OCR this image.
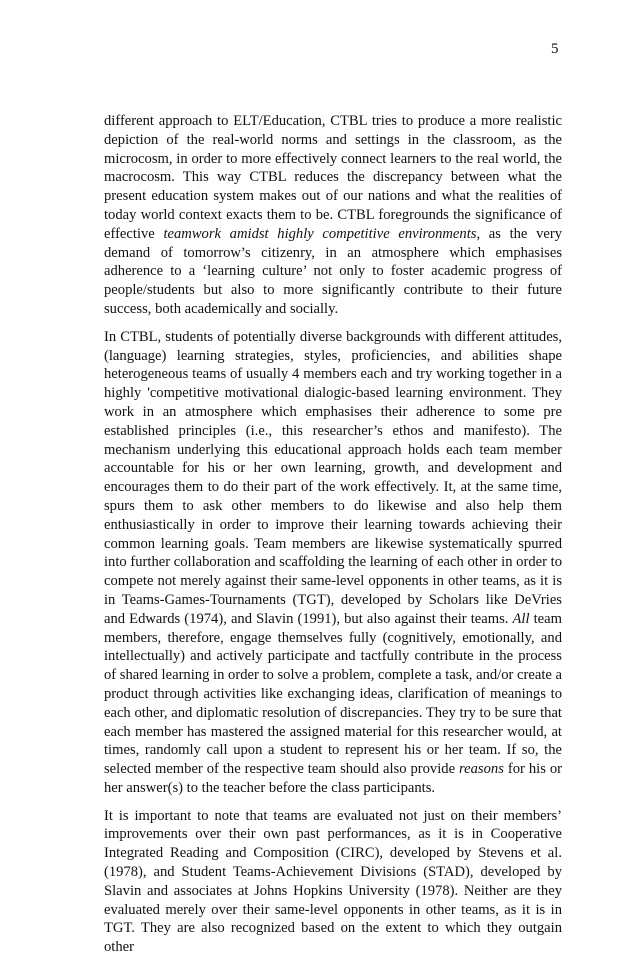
5

different approach to ELT/Education, CTBL tries to produce a more realistic depiction of the real-world norms and settings in the classroom, as the microcosm, in order to more effectively connect learners to the real world, the macrocosm. This way CTBL reduces the discrepancy between what the present education system makes out of our nations and what the realities of today world context exacts them to be. CTBL foregrounds the significance of effective teamwork amidst highly competitive environments, as the very demand of tomorrow’s citizenry, in an atmosphere which emphasises adherence to a ‘learning culture’ not only to foster academic progress of people/students but also to more significantly contribute to their future success, both academically and socially.

In CTBL, students of potentially diverse backgrounds with different attitudes, (language) learning strategies, styles, proficiencies, and abilities shape heterogeneous teams of usually 4 members each and try working together in a highly 'competitive motivational dialogic-based learning environment. They work in an atmosphere which emphasises their adherence to some pre established principles (i.e., this researcher’s ethos and manifesto). The mechanism underlying this educational approach holds each team member accountable for his or her own learning, growth, and development and encourages them to do their part of the work effectively. It, at the same time, spurs them to ask other members to do likewise and also help them enthusiastically in order to improve their learning towards achieving their common learning goals. Team members are likewise systematically spurred into further collaboration and scaffolding the learning of each other in order to compete not merely against their same-level opponents in other teams, as it is in Teams-Games-Tournaments (TGT), developed by Scholars like DeVries and Edwards (1974), and Slavin (1991), but also against their teams. All team members, therefore, engage themselves fully (cognitively, emotionally, and intellectually) and actively participate and tactfully contribute in the process of shared learning in order to solve a problem, complete a task, and/or create a product through activities like exchanging ideas, clarification of meanings to each other, and diplomatic resolution of discrepancies. They try to be sure that each member has mastered the assigned material for this researcher would, at times, randomly call upon a student to represent his or her team. If so, the selected member of the respective team should also provide reasons for his or her answer(s) to the teacher before the class participants.

It is important to note that teams are evaluated not just on their members’ improvements over their own past performances, as it is in Cooperative Integrated Reading and Composition (CIRC), developed by Stevens et al. (1978), and Student Teams-Achievement Divisions (STAD), developed by Slavin and associates at Johns Hopkins University (1978). Neither are they evaluated merely over their same-level opponents in other teams, as it is in TGT. They are also recognized based on the extent to which they outgain other
